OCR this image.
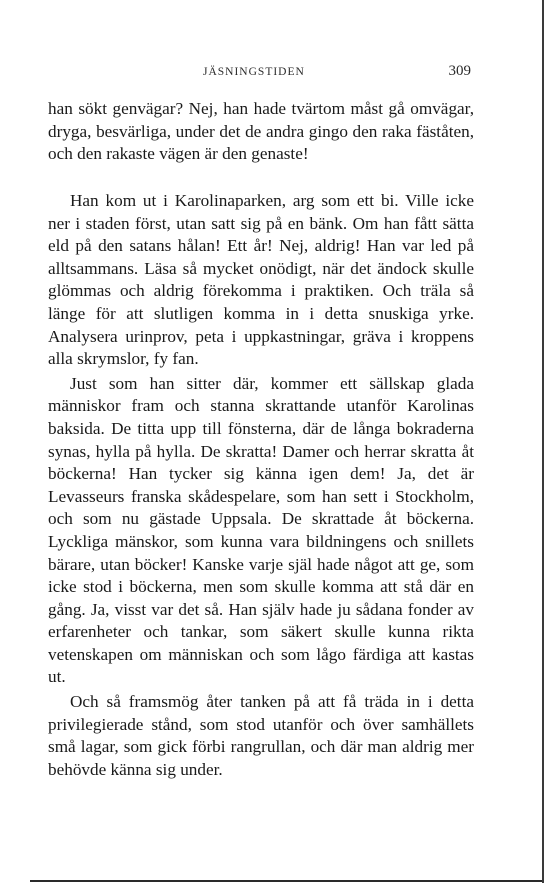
JÄSNINGSTIDEN	309

han sökt genvägar? Nej, han hade tvärtom måst gå omvägar, dryga, besvärliga, under det de andra gingo den raka fäståten, och den rakaste vägen är den genaste!

Han kom ut i Karolinaparken, arg som ett bi. Ville icke ner i staden först, utan satt sig på en bänk. Om han fått sätta eld på den satans hålan! Ett år! Nej, aldrig! Han var led på alltsammans. Läsa så mycket onödigt, när det ändock skulle glömmas och aldrig förekomma i praktiken. Och träla så länge för att slutligen komma in i detta snuskiga yrke. Analysera urinprov, peta i uppkastningar, gräva i kroppens alla skrymslor, fy fan.

Just som han sitter där, kommer ett sällskap glada människor fram och stanna skrattande utanför Karolinas baksida. De titta upp till fönsterna, där de långa bokraderna synas, hylla på hylla. De skratta! Damer och herrar skratta åt böckerna! Han tycker sig känna igen dem! Ja, det är Levasseurs franska skådespelare, som han sett i Stockholm, och som nu gästade Uppsala. De skrattade åt böckerna. Lyckliga mänskor, som kunna vara bildningens och snillets bärare, utan böcker! Kanske varje själ hade något att ge, som icke stod i böckerna, men som skulle komma att stå där en gång. Ja, visst var det så. Han själv hade ju sådana fonder av erfarenheter och tankar, som säkert skulle kunna rikta vetenskapen om människan och som lågo färdiga att kastas ut.

Och så framsmög åter tanken på att få träda in i detta privilegierade stånd, som stod utanför och över samhällets små lagar, som gick förbi rangrullan, och där man aldrig mer behövde känna sig under.
